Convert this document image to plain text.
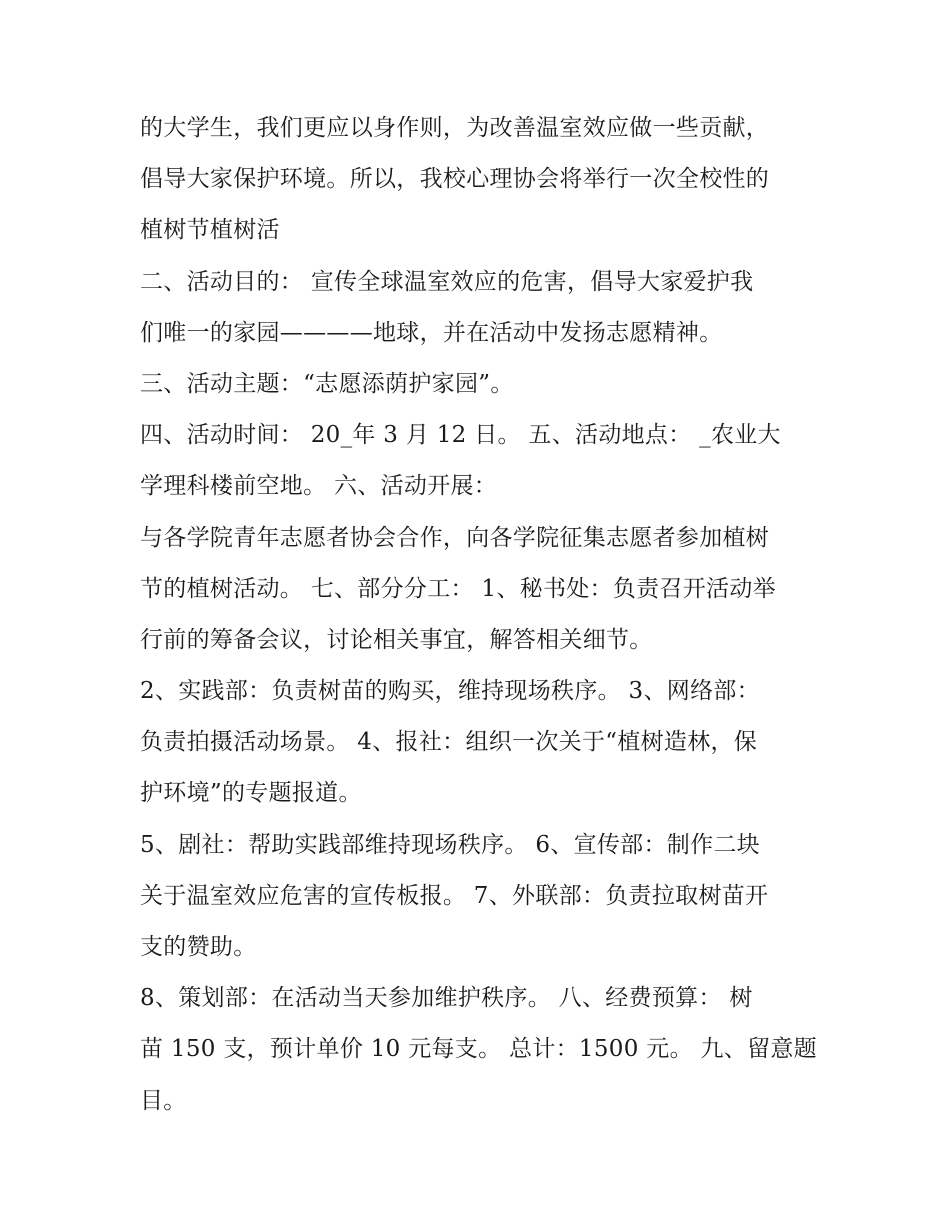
的大学生，我们更应以身作则，为改善温室效应做一些贡献，
倡导大家保护环境。所以，我校心理协会将举行一次全校性的
植树节植树活
二、活动目的： 宣传全球温室效应的危害，倡导大家爱护我
们唯一的家园————地球，并在活动中发扬志愿精神。
三、活动主题：“志愿添荫护家园”。
四、活动时间： 20_年 3 月 12 日。 五、活动地点： _农业大
学理科楼前空地。 六、活动开展：
与各学院青年志愿者协会合作，向各学院征集志愿者参加植树
节的植树活动。 七、部分分工： 1、秘书处：负责召开活动举
行前的筹备会议，讨论相关事宜，解答相关细节。
2、实践部：负责树苗的购买，维持现场秩序。 3、网络部：
负责拍摄活动场景。 4、报社：组织一次关于“植树造林，保
护环境”的专题报道。
5、剧社：帮助实践部维持现场秩序。 6、宣传部：制作二块
关于温室效应危害的宣传板报。 7、外联部：负责拉取树苗开
支的赞助。
8、策划部：在活动当天参加维护秩序。 八、经费预算： 树
苗 150 支，预计单价 10 元每支。 总计：1500 元。 九、留意题
目。
